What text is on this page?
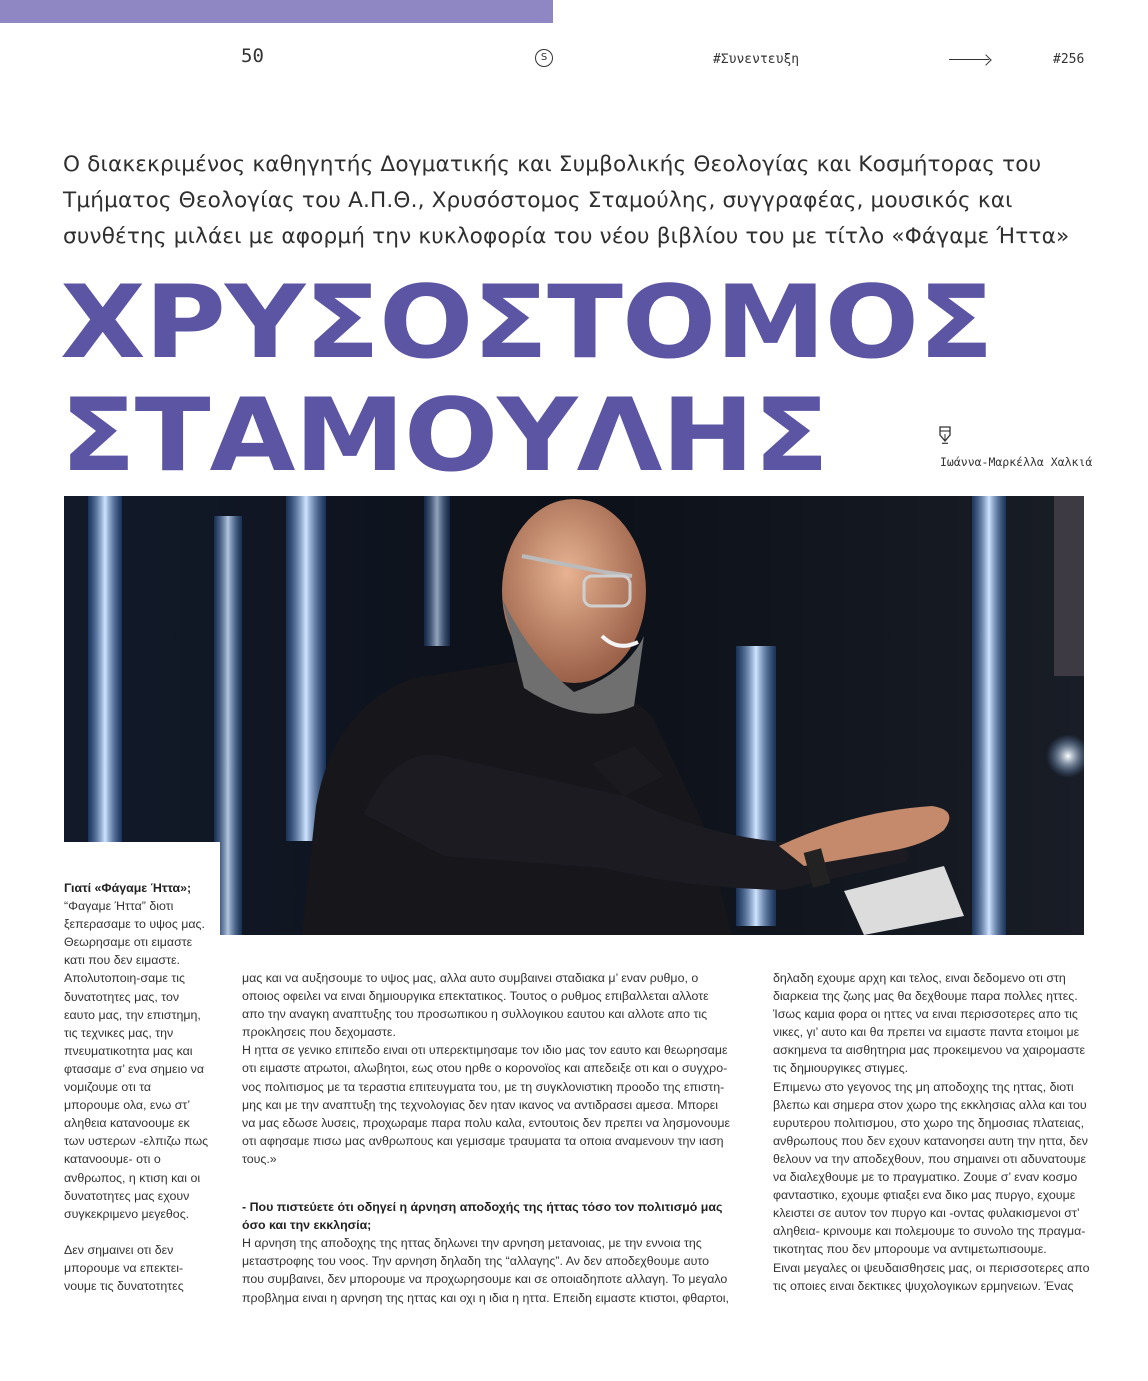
50	S	#Συνεντευξη	#256
Ο διακεκριμένος καθηγητής Δογματικής και Συμβολικής Θεολογίας και Κοσμήτορας του Τμήματος Θεολογίας του Α.Π.Θ., Χρυσόστομος Σταμούλης, συγγραφέας, μουσικός και συνθέτης μιλάει με αφορμή την κυκλοφορία του νέου βιβλίου του με τίτλο «Φάγαμε Ήττα»
ΧΡΥΣΟΣΤΟΜΟΣ
ΣΤΑΜΟΥΛΗΣ	Ιωάννα-Μαρκέλλα Χαλκιά

Γιατί «Φάγαμε Ήττα»;

“Φαγαμε Ήττα” διοτι ξεπερασαμε το υψος μας. Θεωρησαμε οτι ειμαστε κατι που δεν ειμαστε. Απολυτοποιη-σαμε τις δυνατοτητες μας, τον εαυτο μας, την επιστημη, τις τεχνικες μας, την πνευματικοτητα μας και φτασαμε σ’ ενα σημειο να νομιζουμε οτι τα μπορουμε ολα, ενω στ’ αληθεια κατανοουμε εκ των υστερων -ελπιζω πως κατανοουμε- οτι ο ανθρωπος, η κτιση και οι δυνατοτητες μας εχουν συγκεκριμενο μεγεθος.

Δεν σημαινει οτι δεν μπορουμε να επεκτει-νουμε τις δυνατοτητες

μας και να αυξησουμε το υψος μας, αλλα αυτο συμβαινει σταδιακα μ’ εναν ρυθμο, ο οποιος οφειλει να ειναι δημιουργικα επεκτατικος. Τουτος ο ρυθμος επιβαλλεται αλλοτε απο την αναγκη αναπτυξης του προσωπικου η συλλογικου εαυτου και αλλοτε απο τις προκλησεις που δεχομαστε.

Η ηττα σε γενικο επιπεδο ειναι οτι υπερεκτιμησαμε τον ιδιο μας τον εαυτο και θεωρησαμε οτι ειμαστε ατρωτοι, αλωβητοι, εως οτου ηρθε ο κορονοϊος και απεδειξε οτι και ο συγχρο-νος πολιτισμος με τα τεραστια επιτευγματα του, με τη συγκλονιστικη προοδο της επιστη-μης και με την αναπτυξη της τεχνολογιας δεν ηταν ικανος να αντιδρασει αμεσα. Μπορει να μας εδωσε λυσεις, προχωραμε παρα πολυ καλα, εντουτοις δεν πρεπει να λησμονουμε οτι αφησαμε πισω μας ανθρωπους και γεμισαμε τραυματα τα οποια αναμενουν την ιαση τους.»

- Που πιστεύετε ότι οδηγεί η άρνηση αποδοχής της ήττας τόσο τον πολιτισμό μας όσο και την εκκλησία;

Η αρνηση της αποδοχης της ηττας δηλωνει την αρνηση μετανοιας, με την εννοια της μεταστροφης του νοος. Την αρνηση δηλαδη της “αλλαγης”. Αν δεν αποδεχθουμε αυτο που συμβαινει, δεν μπορουμε να προχωρησουμε και σε οποιαδηποτε αλλαγη. Το μεγαλο προβλημα ειναι η αρνηση της ηττας και οχι η ιδια η ηττα. Επειδη ειμαστε κτιστοι, φθαρτοι,

δηλαδη εχουμε αρχη και τελος, ειναι δεδομενο οτι στη διαρκεια της ζωης μας θα δεχθουμε παρα πολλες ηττες. Ίσως καμια φορα οι ηττες να ειναι περισσοτερες απο τις νικες, γι’ αυτο και θα πρεπει να ειμαστε παντα ετοιμοι με ασκημενα τα αισθητηρια μας προκειμενου να χαιρομαστε τις δημιουργικες στιγμες.

Επιμενω στο γεγονος της μη αποδοχης της ηττας, διοτι βλεπω και σημερα στον χωρο της εκκλησιας αλλα και του ευρυτερου πολιτισμου, στο χωρο της δημοσιας πλατειας, ανθρωπους που δεν εχουν κατανοησει αυτη την ηττα, δεν θελουν να την αποδεχθουν, που σημαινει οτι αδυνατουμε να διαλεχθουμε με το πραγματικο. Ζουμε σ’ εναν κοσμο φανταστικο, εχουμε φτιαξει ενα δικο μας πυργο, εχουμε κλειστει σε αυτον τον πυργο και -οντας φυλακισμενοι στ’ αληθεια- κρινουμε και πολεμουμε το συνολο της πραγμα-τικοτητας που δεν μπορουμε να αντιμετωπισουμε.

Ειναι μεγαλες οι ψευδαισθησεις μας, οι περισσοτερες απο τις οποιες ειναι δεκτικες ψυχολογικων ερμηνειων. Ένας
